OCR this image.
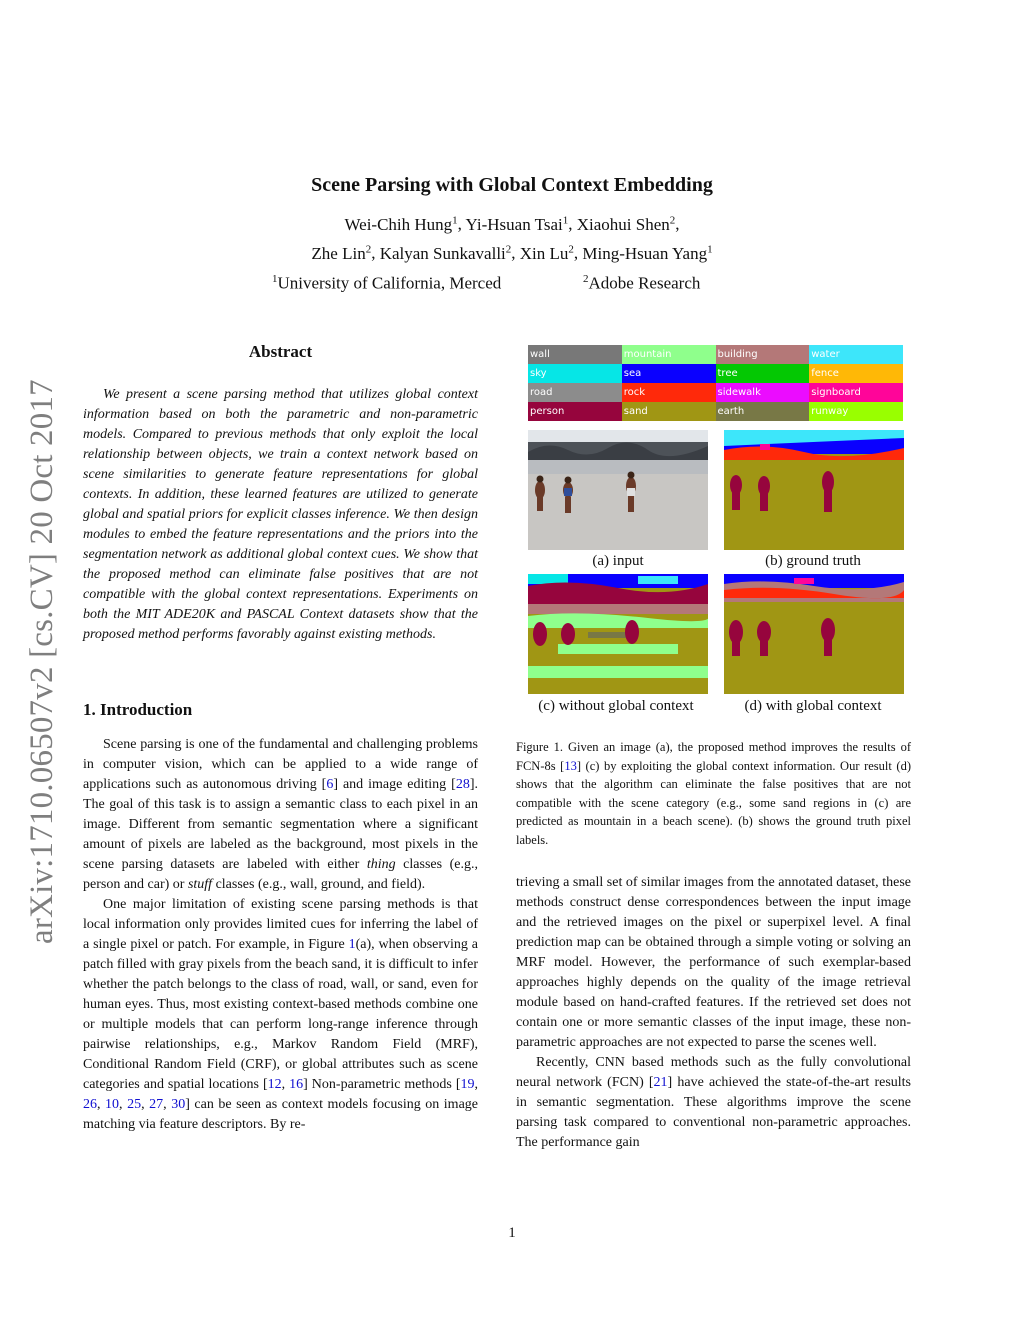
Scene Parsing with Global Context Embedding
Wei-Chih Hung$^1$, Yi-Hsuan Tsai$^1$, Xiaohui Shen$^2$,
Zhe Lin$^2$, Kalyan Sunkavalli$^2$, Xin Lu$^2$, Ming-Hsuan Yang$^1$
$^1$University of California, Merced	$^2$Adobe Research
arXiv:1710.06507v2 [cs.CV] 20 Oct 2017
Abstract

We present a scene parsing method that utilizes global context information based on both the parametric and non-parametric models. Compared to previous methods that only exploit the local relationship between objects, we train a context network based on scene similarities to generate feature representations for global contexts. In addition, these learned features are utilized to generate global and spatial priors for explicit classes inference. We then design modules to embed the feature representations and the priors into the segmentation network as additional global context cues. We show that the proposed method can eliminate false positives that are not compatible with the global context representations. Experiments on both the MIT ADE20K and PASCAL Context datasets show that the proposed method performs favorably against existing methods.

1. Introduction

Scene parsing is one of the fundamental and challenging problems in computer vision, which can be applied to a wide range of applications such as autonomous driving [6] and image editing [28]. The goal of this task is to assign a semantic class to each pixel in an image. Different from semantic segmentation where a significant amount of pixels are labeled as the background, most pixels in the scene parsing datasets are labeled with either thing classes (e.g., person and car) or stuff classes (e.g., wall, ground, and field).

One major limitation of existing scene parsing methods is that local information only provides limited cues for inferring the label of a single pixel or patch. For example, in Figure 1(a), when observing a patch filled with gray pixels from the beach sand, it is difficult to infer whether the patch belongs to the class of road, wall, or sand, even for human eyes. Thus, most existing context-based methods combine one or multiple models that can perform long-range inference through pairwise relationships, e.g., Markov Random Field (MRF), Conditional Random Field (CRF), or global attributes such as scene categories and spatial locations [12, 16] Non-parametric methods [19, 26, 10, 25, 27, 30] can be seen as context models focusing on image matching via feature descriptors. By re-

wall	mountain	building	water
sky	sea	tree	fence
road	rock	sidewalk	signboard
person	sand	earth	runway
(a) input	(b) ground truth
(c) without global context	(d) with global context
Figure 1. Given an image (a), the proposed method improves the results of FCN-8s [13] (c) by exploiting the global context information. Our result (d) shows that the algorithm can eliminate the false positives that are not compatible with the scene category (e.g., some sand regions in (c) are predicted as mountain in a beach scene). (b) shows the ground truth pixel labels.

trieving a small set of similar images from the annotated dataset, these methods construct dense correspondences between the input image and the retrieved images on the pixel or superpixel level. A final prediction map can be obtained through a simple voting or solving an MRF model. However, the performance of such exemplar-based approaches highly depends on the quality of the image retrieval module based on hand-crafted features. If the retrieved set does not contain one or more semantic classes of the input image, these non-parametric approaches are not expected to parse the scenes well.

Recently, CNN based methods such as the fully convolutional neural network (FCN) [21] have achieved the state-of-the-art results in semantic segmentation. These algorithms improve the scene parsing task compared to conventional non-parametric approaches. The performance gain

1
